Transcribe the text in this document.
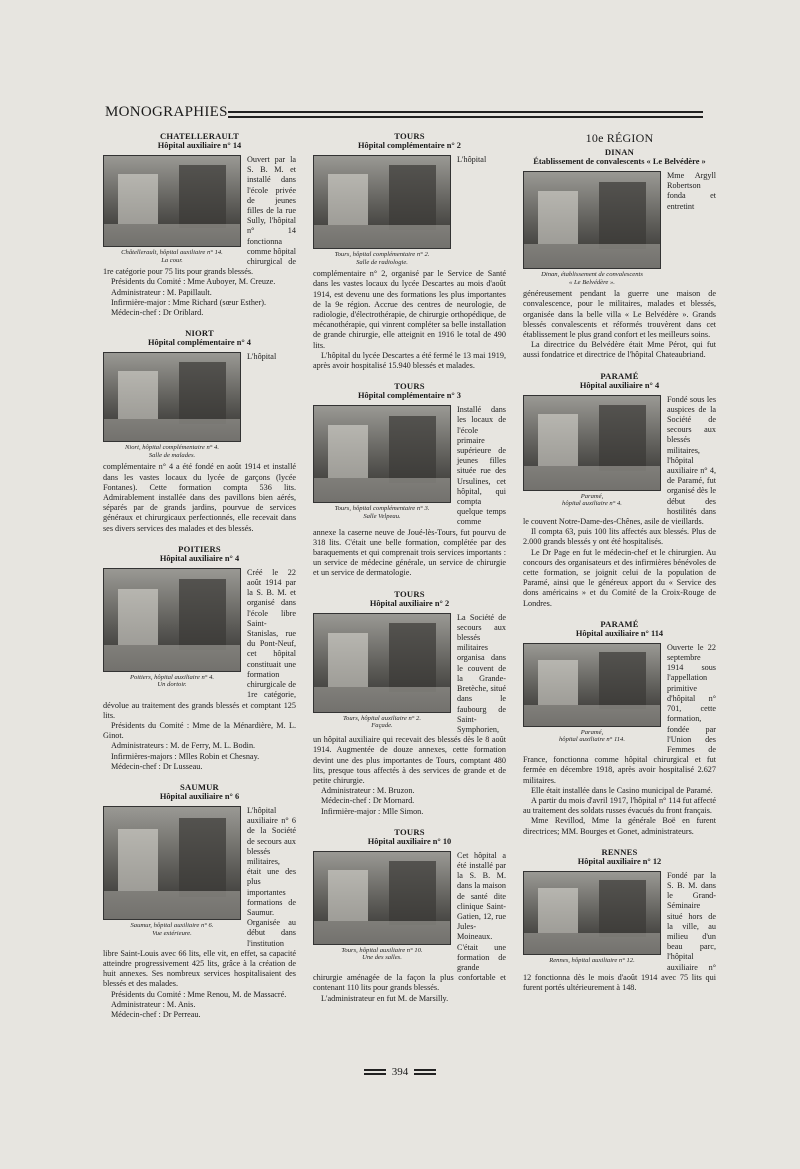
MONOGRAPHIES
CHATELLERAULT
Hôpital auxiliaire n° 14
Châtellerault, hôpital auxiliaire n° 14.
La cour.

Ouvert par la S. B. M. et installé dans l'école privée de jeunes filles de la rue Sully, l'hôpital n° 14 fonctionna comme hôpital chirurgical de 1re catégorie pour 75 lits pour grands blessés.

Présidents du Comité : Mme Auboyer, M. Creuze.

Administrateur : M. Papillault.

Infirmière-major : Mme Richard (sœur Esther).

Médecin-chef : Dr Oriblard.

NIORT
Hôpital complémentaire n° 4
Niort, hôpital complémentaire n° 4.
Salle de malades.

L'hôpital complémentaire n° 4 a été fondé en août 1914 et installé dans les vastes locaux du lycée de garçons (lycée Fontanes). Cette formation compta 536 lits. Admirablement installée dans des pavillons bien aérés, séparés par de grands jardins, pourvue de services généraux et chirurgicaux perfectionnés, elle recevait dans ses divers services des malades et des blessés.

POITIERS
Hôpital auxiliaire n° 4
Poitiers, hôpital auxiliaire n° 4.
Un dortoir.

Créé le 22 août 1914 par la S. B. M. et organisé dans l'école libre Saint-Stanislas, rue du Pont-Neuf, cet hôpital constituait une formation chirurgicale de 1re catégorie, dévolue au traitement des grands blessés et comptant 125 lits.

Présidents du Comité : Mme de la Ménardière, M. L. Ginot.

Administrateurs : M. de Ferry, M. L. Bodin.

Infirmières-majors : Mlles Robin et Chesnay.

Médecin-chef : Dr Lusseau.

SAUMUR
Hôpital auxiliaire n° 6
Saumur, hôpital auxiliaire n° 6.
Vue extérieure.

L'hôpital auxiliaire n° 6 de la Société de secours aux blessés militaires, était une des plus importantes formations de Saumur. Organisée au début dans l'institution libre Saint-Louis avec 66 lits, elle vit, en effet, sa capacité atteindre progressivement 425 lits, grâce à la création de huit annexes. Ses nombreux services hospitalisaient des blessés et des malades.

Présidents du Comité : Mme Renou, M. de Massacré.

Administrateur : M. Anis.

Médecin-chef : Dr Perreau.

TOURS
Hôpital complémentaire n° 2
Tours, hôpital complémentaire n° 2.
Salle de radiologie.

L'hôpital complémentaire n° 2, organisé par le Service de Santé dans les vastes locaux du lycée Descartes au mois d'août 1914, est devenu une des formations les plus importantes de la 9e région. Accrue des centres de neurologie, de radiologie, d'électrothérapie, de chirurgie orthopédique, de mécanothérapie, qui vinrent compléter sa belle installation de grande chirurgie, elle atteignit en 1916 le total de 490 lits.

L'hôpital du lycée Descartes a été fermé le 13 mai 1919, après avoir hospitalisé 15.940 blessés et malades.

TOURS
Hôpital complémentaire n° 3
Tours, hôpital complémentaire n° 3.
Salle Velpeau.

Installé dans les locaux de l'école primaire supérieure de jeunes filles située rue des Ursulines, cet hôpital, qui compta quelque temps comme annexe la caserne neuve de Joué-lès-Tours, fut pourvu de 318 lits. C'était une belle formation, complétée par des baraquements et qui comprenait trois services importants : un service de médecine générale, un service de chirurgie et un service de dermatologie.

TOURS
Hôpital auxiliaire n° 2
Tours, hôpital auxiliaire n° 2.
Façade.

La Société de secours aux blessés militaires organisa dans le couvent de la Grande-Bretèche, situé dans le faubourg de Saint-Symphorien, un hôpital auxiliaire qui recevait des blessés dès le 8 août 1914. Augmentée de douze annexes, cette formation devint une des plus importantes de Tours, comptant 480 lits, presque tous affectés à des services de grande et de petite chirurgie.

Administrateur : M. Bruzon.

Médecin-chef : Dr Mornard.

Infirmière-major : Mlle Simon.

TOURS
Hôpital auxiliaire n° 10
Tours, hôpital auxiliaire n° 10.
Une des salles.

Cet hôpital a été installé par la S. B. M. dans la maison de santé dite clinique Saint-Gatien, 12, rue Jules-Moineaux. C'était une formation de grande chirurgie aménagée de la façon la plus confortable et contenant 110 lits pour grands blessés.

L'administrateur en fut M. de Marsilly.

10e RÉGION
DINAN
Établissement de convalescents « Le Belvédère »
Dinan, établissement de convalescents
« Le Belvédère ».

Mme Argyll Robertson fonda et entretint généreusement pendant la guerre une maison de convalescence, pour le militaires, malades et blessés, organisée dans la belle villa « Le Belvédère ». Grands blessés convalescents et réformés trouvèrent dans cet établissement le plus grand confort et les meilleurs soins.

La directrice du Belvédère était Mme Pérot, qui fut aussi fondatrice et directrice de l'hôpital Chateaubriand.

PARAMÉ
Hôpital auxiliaire n° 4
Paramé,
hôpital auxiliaire n° 4.

Fondé sous les auspices de la Société de secours aux blessés militaires, l'hôpital auxiliaire n° 4, de Paramé, fut organisé dès le début des hostilités dans le couvent Notre-Dame-des-Chênes, asile de vieillards.

Il compta 63, puis 100 lits affectés aux blessés. Plus de 2.000 grands blessés y ont été hospitalisés.

Le Dr Page en fut le médecin-chef et le chirurgien. Au concours des organisateurs et des infirmières bénévoles de cette formation, se joignit celui de la population de Paramé, ainsi que le généreux apport du « Service des dons américains » et du Comité de la Croix-Rouge de Londres.

PARAMÉ
Hôpital auxiliaire n° 114
Paramé,
hôpital auxiliaire n° 114.

Ouverte le 22 septembre 1914 sous l'appellation primitive d'hôpital n° 701, cette formation, fondée par l'Union des Femmes de France, fonctionna comme hôpital chirurgical et fut fermée en décembre 1918, après avoir hospitalisé 2.627 militaires.

Elle était installée dans le Casino municipal de Paramé.

A partir du mois d'avril 1917, l'hôpital n° 114 fut affecté au traitement des soldats russes évacués du front français.

Mme Revillod, Mme la générale Boë en furent directrices; MM. Bourges et Gonet, administrateurs.

RENNES
Hôpital auxiliaire n° 12
Rennes, hôpital auxiliaire n° 12.

Fondé par la S. B. M. dans le Grand-Séminaire situé hors de la ville, au milieu d'un beau parc, l'hôpital auxiliaire n° 12 fonctionna dès le mois d'août 1914 avec 75 lits qui furent portés ultérieurement à 148.

394
